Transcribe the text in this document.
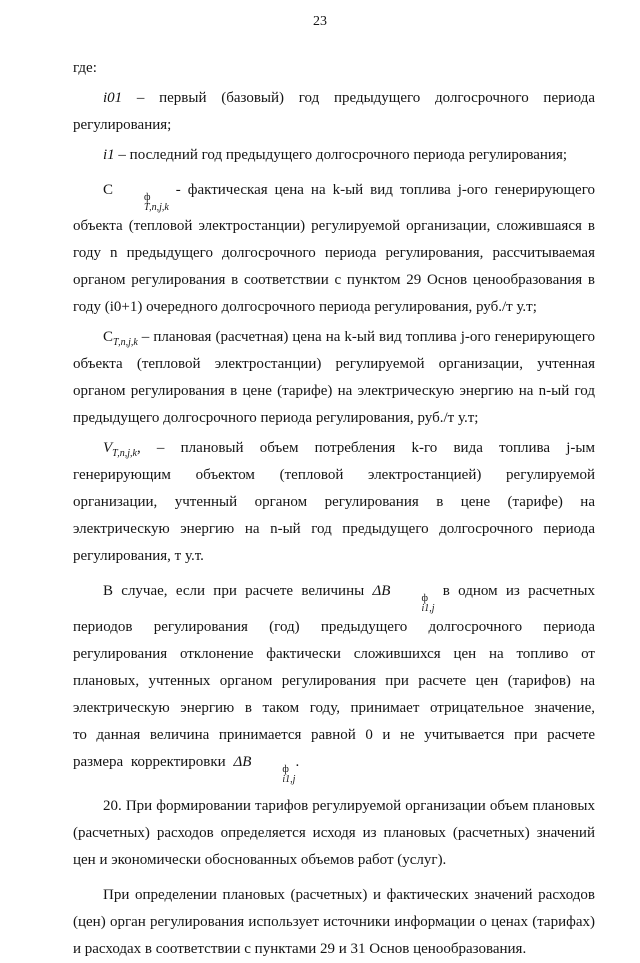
23

где:

i01 – первый (базовый) год предыдущего долгосрочного периода регулирования;

i1 – последний год предыдущего долгосрочного периода регулирования;

С	ф
Т,n,j,k
- фактическая цена на k-ый вид топлива j-ого генерирующего объекта (тепловой электростанции) регулируемой организации, сложившаяся в году n предыдущего долгосрочного периода регулирования, рассчитываемая органом регулирования в соответствии с пунктом 29 Основ ценообразования в году (i0+1) очередного долгосрочного периода регулирования, руб./т у.т;

$С_{Т,n,j,k}$ – плановая (расчетная) цена на k-ый вид топлива j-ого генерирующего объекта (тепловой электростанции) регулируемой организации, учтенная органом регулирования в цене (тарифе) на электрическую энергию на n-ый год предыдущего долгосрочного периода регулирования, руб./т у.т;

$V_{Т,n,j,k}$, – плановый объем потребления k-го вида топлива j-ым генерирующим объектом (тепловой электростанцией) регулируемой организации, учтенный органом регулирования в цене (тарифе) на электрическую энергию на n-ый год предыдущего долгосрочного периода регулирования, т у.т.

В случае, если при расчете величины ΔB	ф
i1,j
в одном из расчетных периодов регулирования (год) предыдущего долгосрочного периода регулирования отклонение фактически сложившихся цен на топливо от плановых, учтенных органом регулирования при расчете цен (тарифов) на электрическую энергию в таком году, принимает отрицательное значение, то данная величина принимается равной 0 и не учитывается при расчете размера корректировки ΔB	ф
i1,j
.

20. При формировании тарифов регулируемой организации объем плановых (расчетных) расходов определяется исходя из плановых (расчетных) значений цен и экономически обоснованных объемов работ (услуг).

При определении плановых (расчетных) и фактических значений расходов (цен) орган регулирования использует источники информации о ценах (тарифах) и расходах в соответствии с пунктами 29 и 31 Основ ценообразования.
